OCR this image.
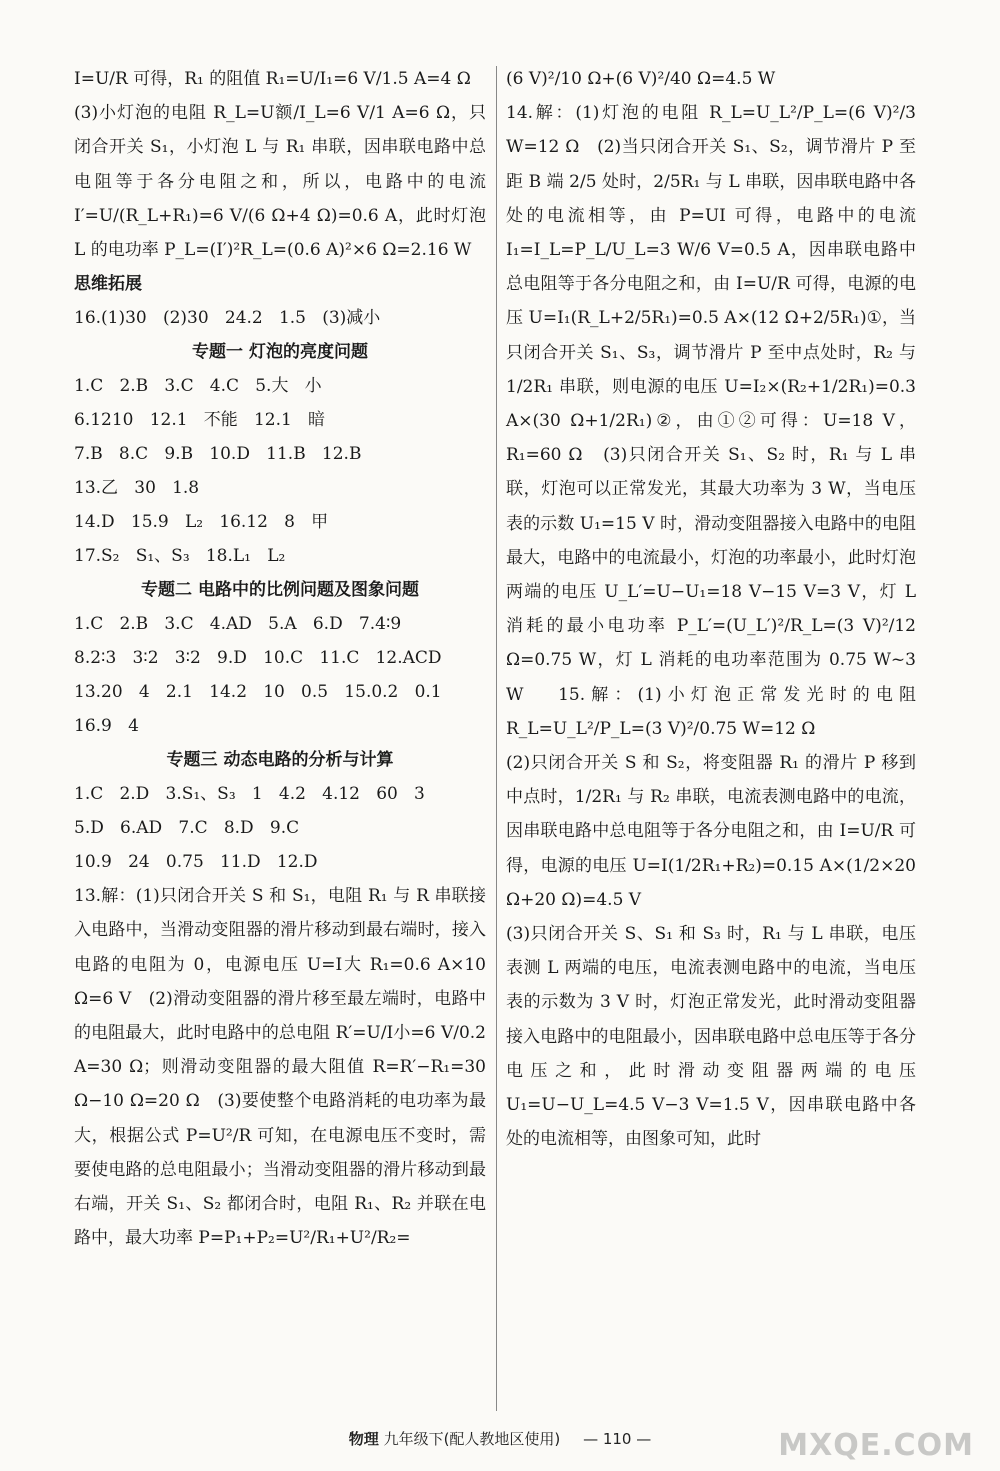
I=U/R 可得，R₁ 的阻值 R₁=U/I₁=6 V/1.5 A=4 Ω

(3)小灯泡的电阻 R_L=U额/I_L=6 V/1 A=6 Ω，只闭合开关 S₁，小灯泡 L 与 R₁ 串联，因串联电路中总电阻等于各分电阻之和，所以，电路中的电流 I′=U/(R_L+R₁)=6 V/(6 Ω+4 Ω)=0.6 A，此时灯泡 L 的电功率 P_L=(I′)²R_L=(0.6 A)²×6 Ω=2.16 W

思维拓展

16.(1)30   (2)30   24.2   1.5   (3)减小

专题一 灯泡的亮度问题

1.C   2.B   3.C   4.C   5.大   小

6.1210   12.1   不能   12.1   暗

7.B   8.C   9.B   10.D   11.B   12.B

13.乙   30   1.8

14.D   15.9   L₂   16.12   8   甲

17.S₂   S₁、S₃   18.L₁   L₂

专题二 电路中的比例问题及图象问题

1.C   2.B   3.C   4.AD   5.A   6.D   7.4∶9

8.2∶3   3∶2   3∶2   9.D   10.C   11.C   12.ACD

13.20   4   2.1   14.2   10   0.5   15.0.2   0.1

16.9   4

专题三 动态电路的分析与计算

1.C   2.D   3.S₁、S₃   1   4.2   4.12   60   3

5.D   6.AD   7.C   8.D   9.C

10.9   24   0.75   11.D   12.D

13.解：(1)只闭合开关 S 和 S₁，电阻 R₁ 与 R 串联接入电路中，当滑动变阻器的滑片移动到最右端时，接入电路的电阻为 0，电源电压 U=I大 R₁=0.6 A×10 Ω=6 V   (2)滑动变阻器的滑片移至最左端时，电路中的电阻最大，此时电路中的总电阻 R′=U/I小=6 V/0.2 A=30 Ω；则滑动变阻器的最大阻值 R=R′−R₁=30 Ω−10 Ω=20 Ω   (3)要使整个电路消耗的电功率为最大，根据公式 P=U²/R 可知，在电源电压不变时，需要使电路的总电阻最小；当滑动变阻器的滑片移动到最右端，开关 S₁、S₂ 都闭合时，电阻 R₁、R₂ 并联在电路中，最大功率 P=P₁+P₂=U²/R₁+U²/R₂=

(6 V)²/10 Ω+(6 V)²/40 Ω=4.5 W

14.解：(1)灯泡的电阻 R_L=U_L²/P_L=(6 V)²/3 W=12 Ω   (2)当只闭合开关 S₁、S₂，调节滑片 P 至距 B 端 2/5 处时，2/5R₁ 与 L 串联，因串联电路中各处的电流相等，由 P=UI 可得，电路中的电流 I₁=I_L=P_L/U_L=3 W/6 V=0.5 A，因串联电路中总电阻等于各分电阻之和，由 I=U/R 可得，电源的电压 U=I₁(R_L+2/5R₁)=0.5 A×(12 Ω+2/5R₁)①，当只闭合开关 S₁、S₃，调节滑片 P 至中点处时，R₂ 与 1/2R₁ 串联，则电源的电压 U=I₂×(R₂+1/2R₁)=0.3 A×(30 Ω+1/2R₁)②，由①②可得：U=18 V，R₁=60 Ω   (3)只闭合开关 S₁、S₂ 时，R₁ 与 L 串联，灯泡可以正常发光，其最大功率为 3 W，当电压表的示数 U₁=15 V 时，滑动变阻器接入电路中的电阻最大，电路中的电流最小，灯泡的功率最小，此时灯泡两端的电压 U_L′=U−U₁=18 V−15 V=3 V，灯 L 消耗的最小电功率 P_L′=(U_L′)²/R_L=(3 V)²/12 Ω=0.75 W，灯 L 消耗的电功率范围为 0.75 W~3 W   15.解：(1)小灯泡正常发光时的电阻 R_L=U_L²/P_L=(3 V)²/0.75 W=12 Ω

(2)只闭合开关 S 和 S₂，将变阻器 R₁ 的滑片 P 移到中点时，1/2R₁ 与 R₂ 串联，电流表测电路中的电流，因串联电路中总电阻等于各分电阻之和，由 I=U/R 可得，电源的电压 U=I(1/2R₁+R₂)=0.15 A×(1/2×20 Ω+20 Ω)=4.5 V

(3)只闭合开关 S、S₁ 和 S₃ 时，R₁ 与 L 串联，电压表测 L 两端的电压，电流表测电路中的电流，当电压表的示数为 3 V 时，灯泡正常发光，此时滑动变阻器接入电路中的电阻最小，因串联电路中总电压等于各分电压之和，此时滑动变阻器两端的电压 U₁=U−U_L=4.5 V−3 V=1.5 V，因串联电路中各处的电流相等，由图象可知，此时

物理 九年级下(配人教地区使用) — 110 —	MXQE.COM
